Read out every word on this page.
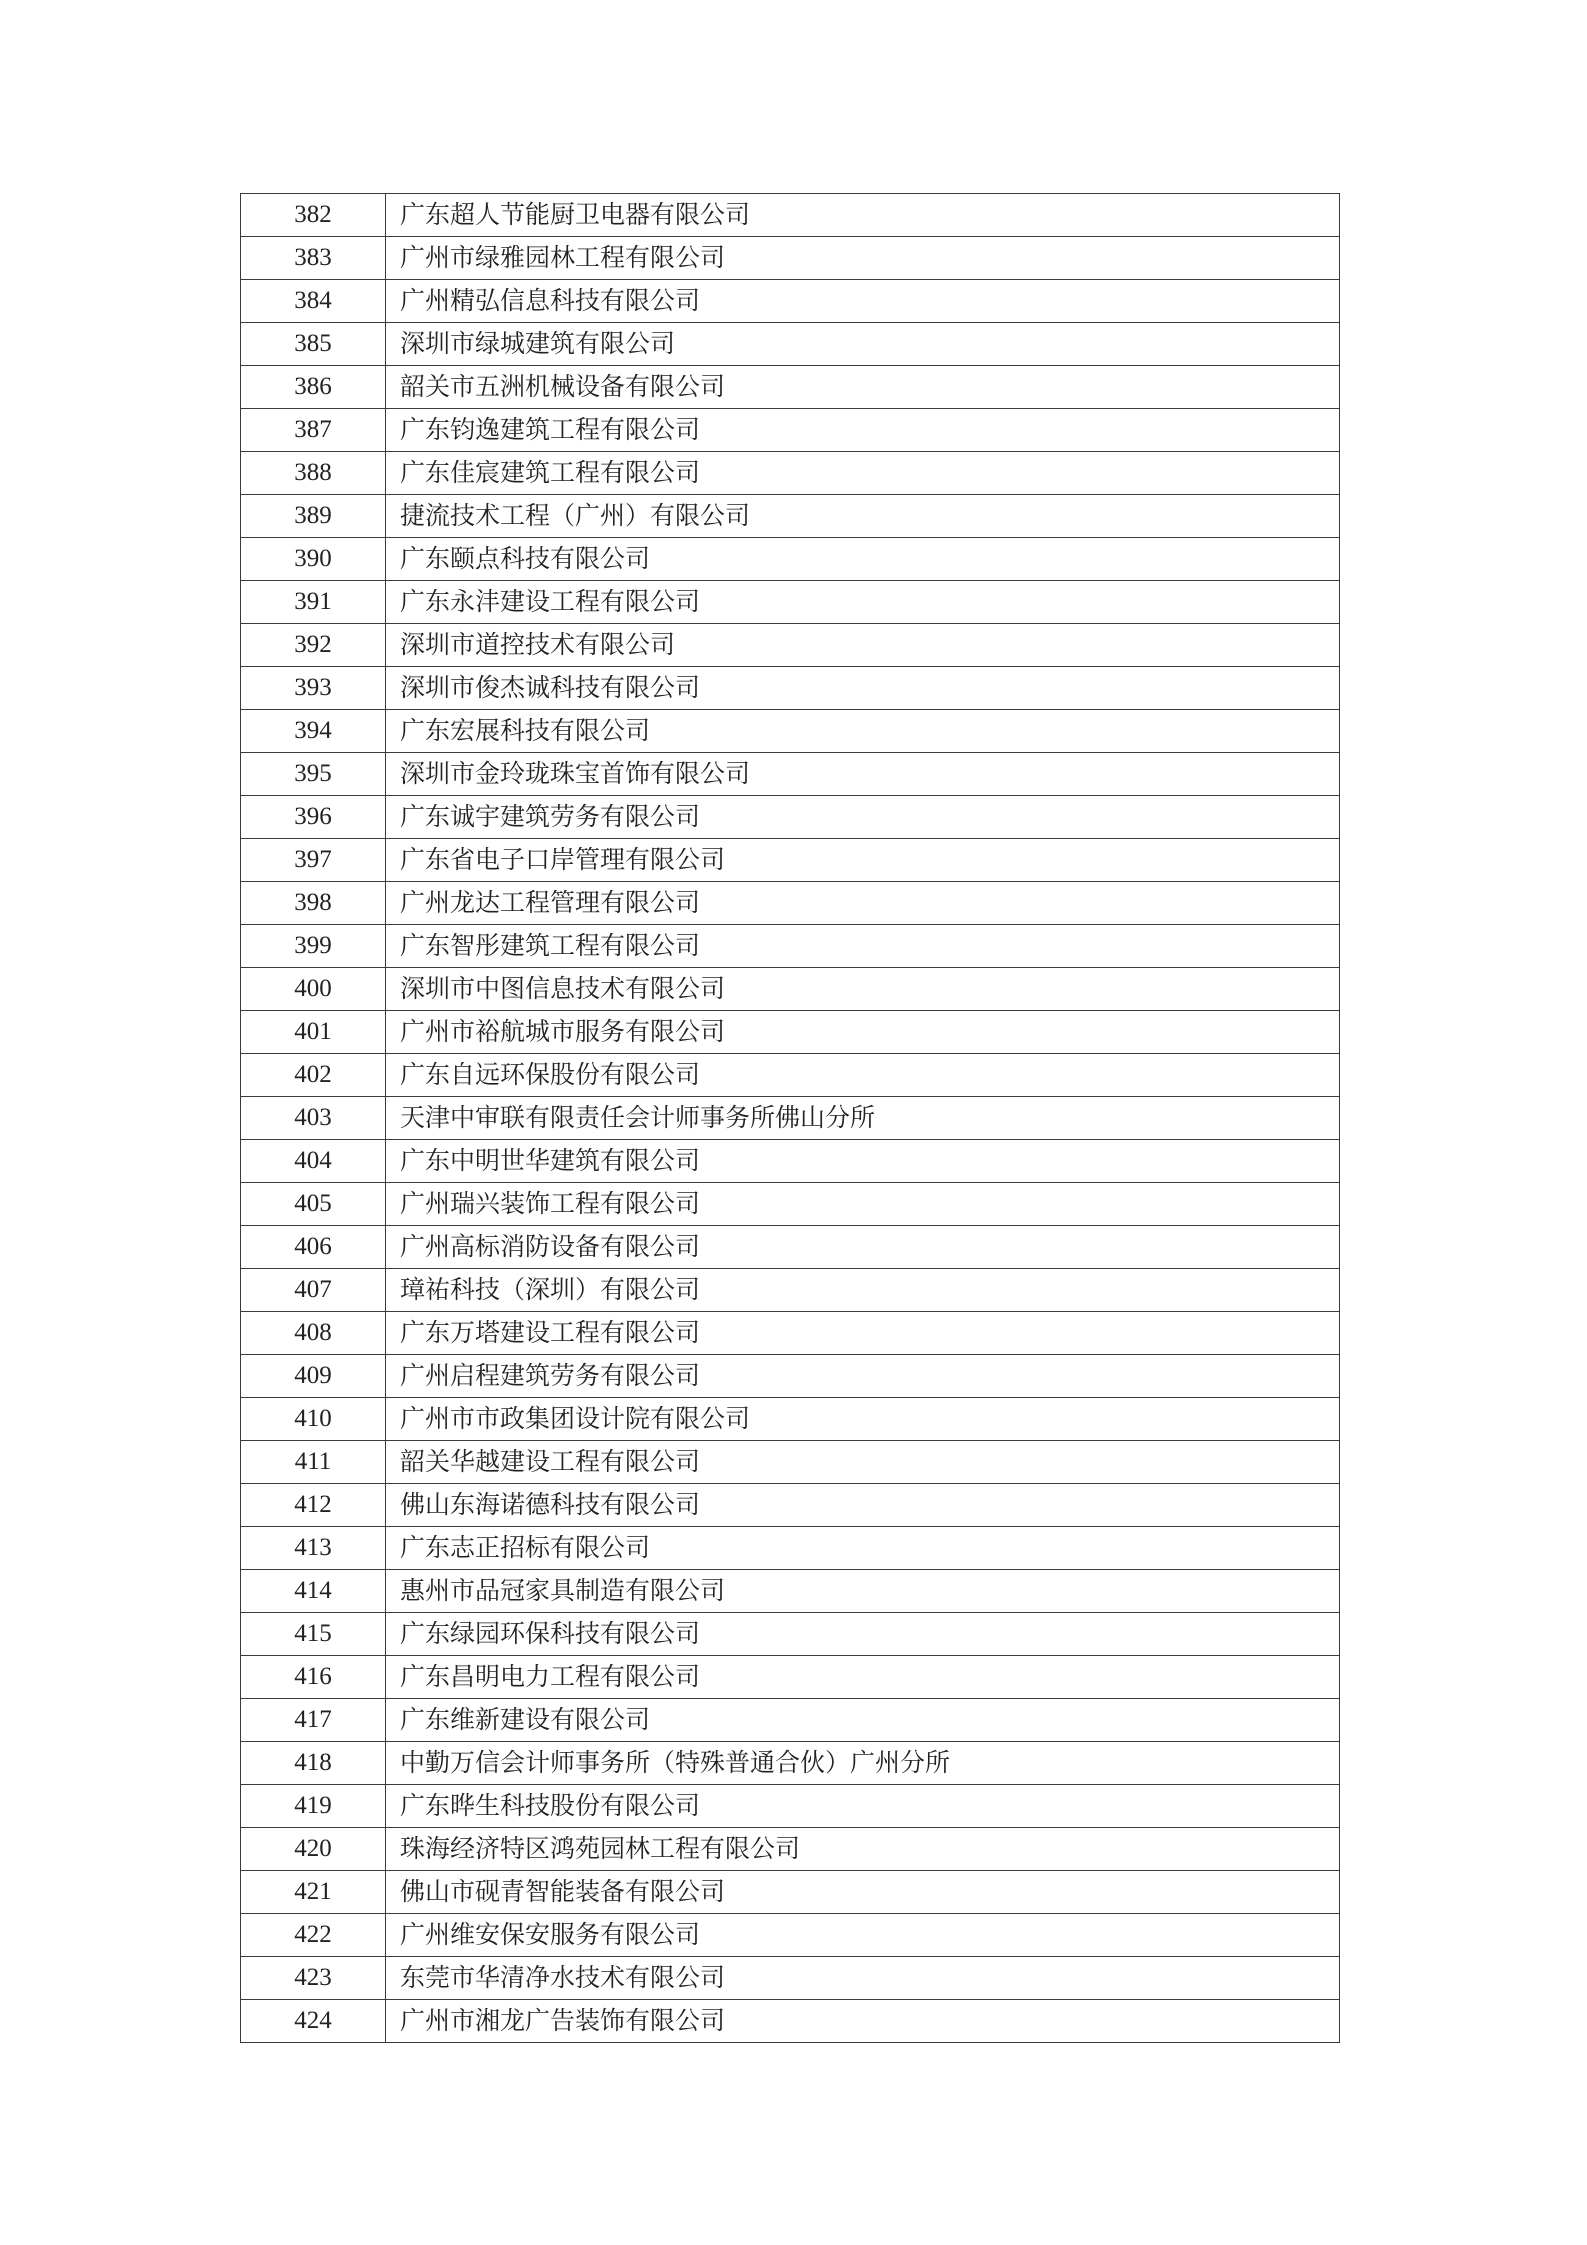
382	广东超人节能厨卫电器有限公司
383	广州市绿雅园林工程有限公司
384	广州精弘信息科技有限公司
385	深圳市绿城建筑有限公司
386	韶关市五洲机械设备有限公司
387	广东钧逸建筑工程有限公司
388	广东佳宸建筑工程有限公司
389	捷流技术工程（广州）有限公司
390	广东颐点科技有限公司
391	广东永沣建设工程有限公司
392	深圳市道控技术有限公司
393	深圳市俊杰诚科技有限公司
394	广东宏展科技有限公司
395	深圳市金玲珑珠宝首饰有限公司
396	广东诚宇建筑劳务有限公司
397	广东省电子口岸管理有限公司
398	广州龙达工程管理有限公司
399	广东智彤建筑工程有限公司
400	深圳市中图信息技术有限公司
401	广州市裕航城市服务有限公司
402	广东自远环保股份有限公司
403	天津中审联有限责任会计师事务所佛山分所
404	广东中明世华建筑有限公司
405	广州瑞兴装饰工程有限公司
406	广州高标消防设备有限公司
407	璋祐科技（深圳）有限公司
408	广东万塔建设工程有限公司
409	广州启程建筑劳务有限公司
410	广州市市政集团设计院有限公司
411	韶关华越建设工程有限公司
412	佛山东海诺德科技有限公司
413	广东志正招标有限公司
414	惠州市品冠家具制造有限公司
415	广东绿园环保科技有限公司
416	广东昌明电力工程有限公司
417	广东维新建设有限公司
418	中勤万信会计师事务所（特殊普通合伙）广州分所
419	广东晔生科技股份有限公司
420	珠海经济特区鸿苑园林工程有限公司
421	佛山市砚青智能装备有限公司
422	广州维安保安服务有限公司
423	东莞市华清净水技术有限公司
424	广州市湘龙广告装饰有限公司
